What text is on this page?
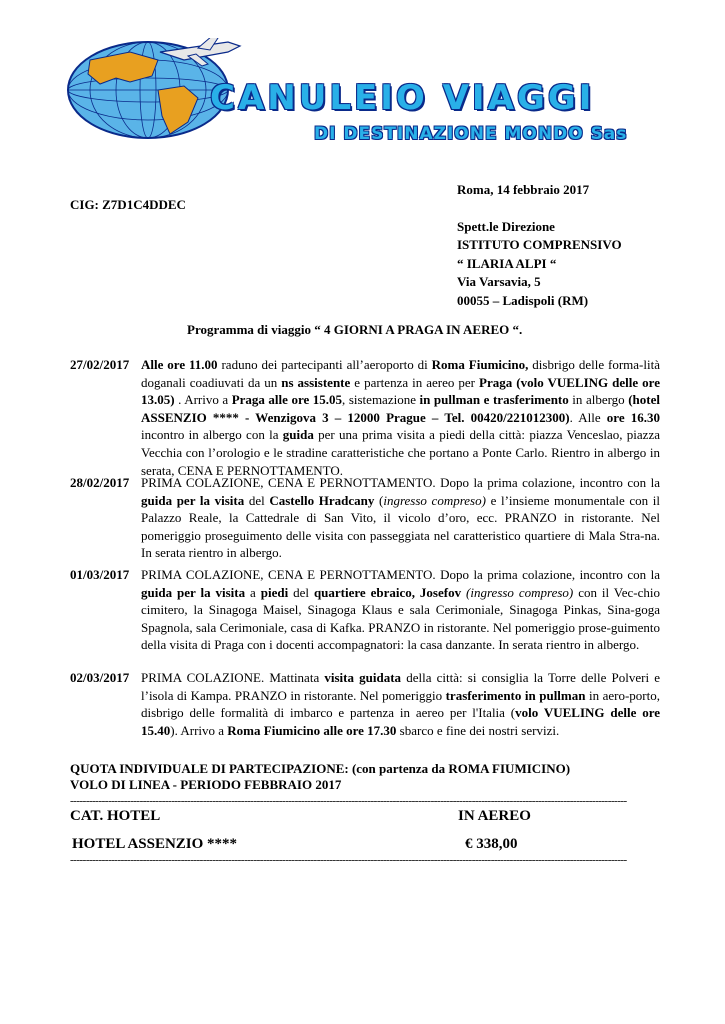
CANULEIO VIAGGI
DI DESTINAZIONE MONDO Sas
Roma, 14 febbraio 2017
Spett.le Direzione
ISTITUTO COMPRENSIVO
“ ILARIA ALPI “
Via Varsavia, 5
00055 – Ladispoli (RM)
CIG: Z7D1C4DDEC
Programma di viaggio “ 4 GIORNI A PRAGA IN AEREO “.
27/02/2017 Alle ore 11.00 raduno dei partecipanti all’aeroporto di Roma Fiumicino, disbrigo delle forma-lità doganali coadiuvati da un ns assistente e partenza in aereo per Praga (volo VUELING delle ore 13.05) . Arrivo a Praga alle ore 15.05, sistemazione in pullman e trasferimento in albergo (hotel ASSENZIO **** - Wenzigova 3 – 12000 Prague – Tel. 00420/221012300). Alle ore 16.30 incontro in albergo con la guida per una prima visita a piedi della città: piazza Venceslao, piazza Vecchia con l’orologio e le stradine caratteristiche che portano a Ponte Carlo. Rientro in albergo in serata, CENA E PERNOTTAMENTO.
28/02/2017 PRIMA COLAZIONE, CENA E PERNOTTAMENTO. Dopo la prima colazione, incontro con la guida per la visita del Castello Hradcany (ingresso compreso) e l’insieme monumentale con il Palazzo Reale, la Cattedrale di San Vito, il vicolo d’oro, ecc. PRANZO in ristorante. Nel pomeriggio proseguimento delle visita con passeggiata nel caratteristico quartiere di Mala Stra-na. In serata rientro in albergo.
01/03/2017 PRIMA COLAZIONE, CENA E PERNOTTAMENTO. Dopo la prima colazione, incontro con la guida per la visita a piedi del quartiere ebraico, Josefov (ingresso compreso) con il Vec-chio cimitero, la Sinagoga Maisel, Sinagoga Klaus e sala Cerimoniale, Sinagoga Pinkas, Sina-goga Spagnola, sala Cerimoniale, casa di Kafka. PRANZO in ristorante. Nel pomeriggio prose-guimento della visita di Praga con i docenti accompagnatori: la casa danzante. In serata rientro in albergo.
02/03/2017 PRIMA COLAZIONE. Mattinata visita guidata della città: si consiglia la Torre delle Polveri e l’isola di Kampa. PRANZO in ristorante. Nel pomeriggio trasferimento in pullman in aero-porto, disbrigo delle formalità di imbarco e partenza in aereo per l'Italia (volo VUELING delle ore 15.40). Arrivo a Roma Fiumicino alle ore 17.30 sbarco e fine dei nostri servizi.
QUOTA INDIVIDUALE DI PARTECIPAZIONE: (con partenza da ROMA FIUMICINO)
VOLO DI LINEA - PERIODO FEBBRAIO 2017
--------------------------------------------------------------------------------------------------------------------------------------------------------------------------------
CAT. HOTEL	IN AEREO
HOTEL ASSENZIO ****	€ 338,00
--------------------------------------------------------------------------------------------------------------------------------------------------------------------------------
